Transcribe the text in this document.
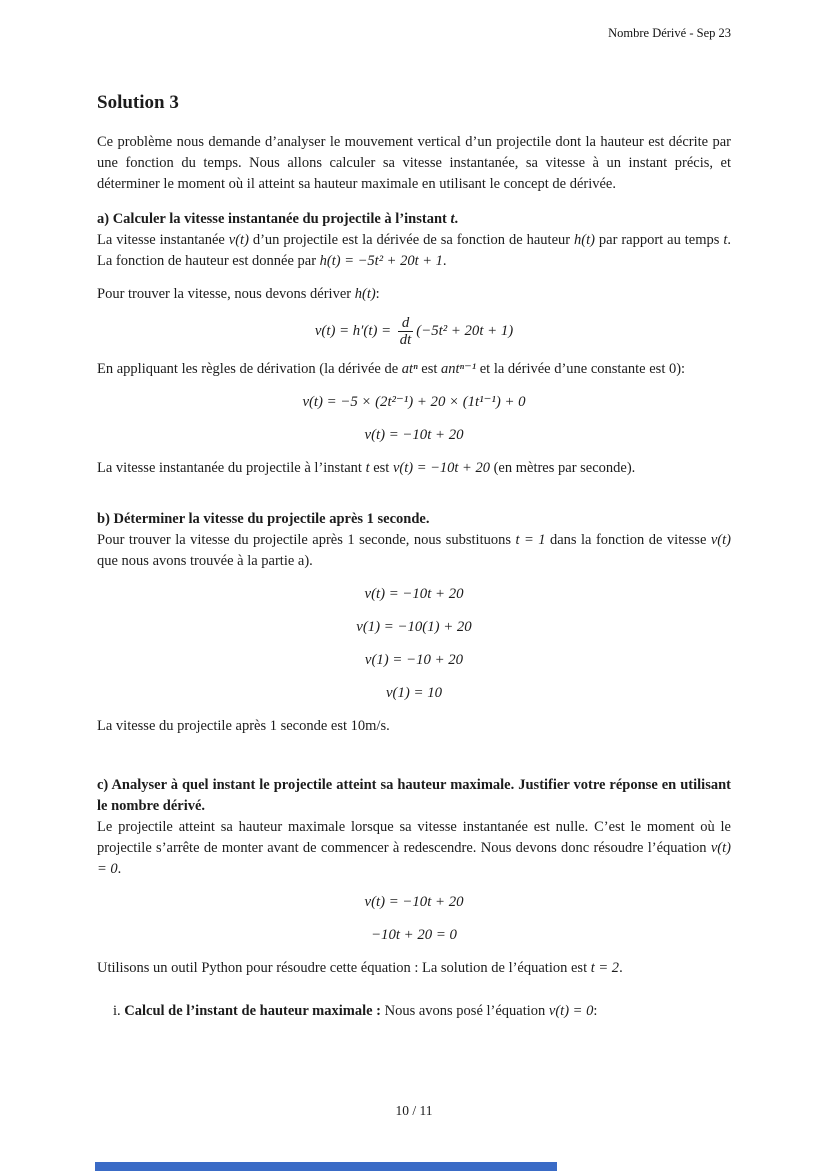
Nombre Dérivé - Sep 23
Solution 3

Ce problème nous demande d’analyser le mouvement vertical d’un projectile dont la hauteur est décrite par une fonction du temps. Nous allons calculer sa vitesse instantanée, sa vitesse à un instant précis, et déterminer le moment où il atteint sa hauteur maximale en utilisant le concept de dérivée.

a) Calculer la vitesse instantanée du projectile à l’instant t.

La vitesse instantanée v(t) d’un projectile est la dérivée de sa fonction de hauteur h(t) par rapport au temps t. La fonction de hauteur est donnée par h(t) = −5t² + 20t + 1.

Pour trouver la vitesse, nous devons dériver h(t):

$v(t) = h'(t) = \frac{d}{dt} (-5t^2 + 20t + 1)$

En appliquant les règles de dérivation (la dérivée de atⁿ est antⁿ⁻¹ et la dérivée d’une constante est 0):

v(t) = −5 × (2t²⁻¹) + 20 × (1t¹⁻¹) + 0
v(t) = −10t + 20

La vitesse instantanée du projectile à l’instant t est v(t) = −10t + 20 (en mètres par seconde).

b) Déterminer la vitesse du projectile après 1 seconde.

Pour trouver la vitesse du projectile après 1 seconde, nous substituons t = 1 dans la fonction de vitesse v(t) que nous avons trouvée à la partie a).

v(t) = −10t + 20
v(1) = −10(1) + 20
v(1) = −10 + 20
v(1) = 10

La vitesse du projectile après 1 seconde est 10m/s.

c) Analyser à quel instant le projectile atteint sa hauteur maximale. Justifier votre réponse en utilisant le nombre dérivé.

Le projectile atteint sa hauteur maximale lorsque sa vitesse instantanée est nulle. C’est le moment où le projectile s’arrête de monter avant de commencer à redescendre. Nous devons donc résoudre l’équation v(t) = 0.

v(t) = −10t + 20
−10t + 20 = 0

Utilisons un outil Python pour résoudre cette équation : La solution de l’équation est t = 2.

i. Calcul de l’instant de hauteur maximale : Nous avons posé l’équation v(t) = 0:

10 / 11
